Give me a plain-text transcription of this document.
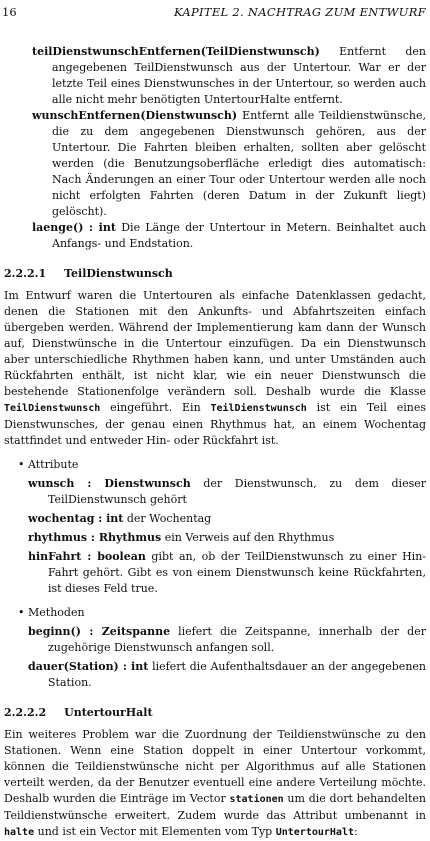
16	KAPITEL 2. NACHTRAG ZUM ENTWURF
teilDienstwunschEntfernen(TeilDienstwunsch) Entfernt den angegebenen TeilDienstwunsch aus der Untertour. War er der letzte Teil eines Dienstwunsches in der Untertour, so werden auch alle nicht mehr benötigten UntertourHalte entfernt.
wunschEntfernen(Dienstwunsch) Entfernt alle Teildienstwünsche, die zu dem angegebenen Dienstwunsch gehören, aus der Untertour. Die Fahrten bleiben erhalten, sollten aber gelöscht werden (die Benutzungsoberfläche erledigt dies automatisch: Nach Änderungen an einer Tour oder Untertour werden alle noch nicht erfolgten Fahrten (deren Datum in der Zukunft liegt) gelöscht).
laenge() : int Die Länge der Untertour in Metern. Beinhaltet auch Anfangs- und Endstation.
2.2.2.1 TeilDienstwunsch

Im Entwurf waren die Untertouren als einfache Datenklassen gedacht, denen die Stationen mit den Ankunfts- und Abfahrtszeiten einfach übergeben werden. Während der Implementierung kam dann der Wunsch auf, Dienstwünsche in die Untertour einzufügen. Da ein Dienstwunsch aber unterschiedliche Rhythmen haben kann, und unter Umständen auch Rückfahrten enthält, ist nicht klar, wie ein neuer Dienstwunsch die bestehende Stationenfolge verändern soll. Deshalb wurde die Klasse TeilDienstwunsch eingeführt. Ein TeilDienstwunsch ist ein Teil eines Dienstwunsches, der genau einen Rhythmus hat, an einem Wochentag stattfindet und entweder Hin- oder Rückfahrt ist.

• Attribute
wunsch : Dienstwunsch der Dienstwunsch, zu dem dieser TeilDienstwunsch gehört
wochentag : int der Wochentag
rhythmus : Rhythmus ein Verweis auf den Rhythmus
hinFahrt : boolean gibt an, ob der TeilDienstwunsch zu einer Hin-Fahrt gehört. Gibt es von einem Dienstwunsch keine Rückfahrten, ist dieses Feld true.
• Methoden
beginn() : Zeitspanne liefert die Zeitspanne, innerhalb der der zugehörige Dienstwunsch anfangen soll.
dauer(Station) : int liefert die Aufenthaltsdauer an der angegebenen Station.
2.2.2.2 UntertourHalt

Ein weiteres Problem war die Zuordnung der Teildienstwünsche zu den Stationen. Wenn eine Station doppelt in einer Untertour vorkommt, können die Teildienstwünsche nicht per Algorithmus auf alle Stationen verteilt werden, da der Benutzer eventuell eine andere Verteilung möchte. Deshalb wurden die Einträge im Vector stationen um die dort behandelten Teildienstwünsche erweitert. Zudem wurde das Attribut umbenannt in halte und ist ein Vector mit Elementen vom Typ UntertourHalt:
